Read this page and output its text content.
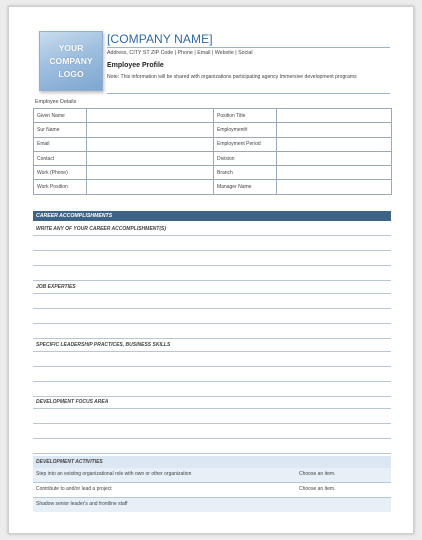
YOUR COMPANY LOGO
[COMPANY NAME]
Address, CITY ST ZIP Code | Phone | Email | Website | Social
Employee Profile
Note: This information will be shared with organizations participating agency Immersive development programs
Employee Details
Given Name		Position Title	
Sur Name		Employment#	
Email		Employment Period	
Contact		Division	
Work (Phone)		Branch	
Work Position		Manager Name	
CAREER ACCOMPLISHMENTS
WRITE ANY OF YOUR CAREER ACCOMPLISHMENT(S)
JOB EXPERTIES
SPECIFIC LEADERSHIP PRACTICES, BUSINESS SKILLS
DEVELOPMENT FOCUS AREA
DEVELOPMENT ACTIVITIES
Step into an existing organizational role with own or other organization	Choose an item.
Contribute to and/or lead a project	Choose an item.
Shadow senior leader's and frontline staff
